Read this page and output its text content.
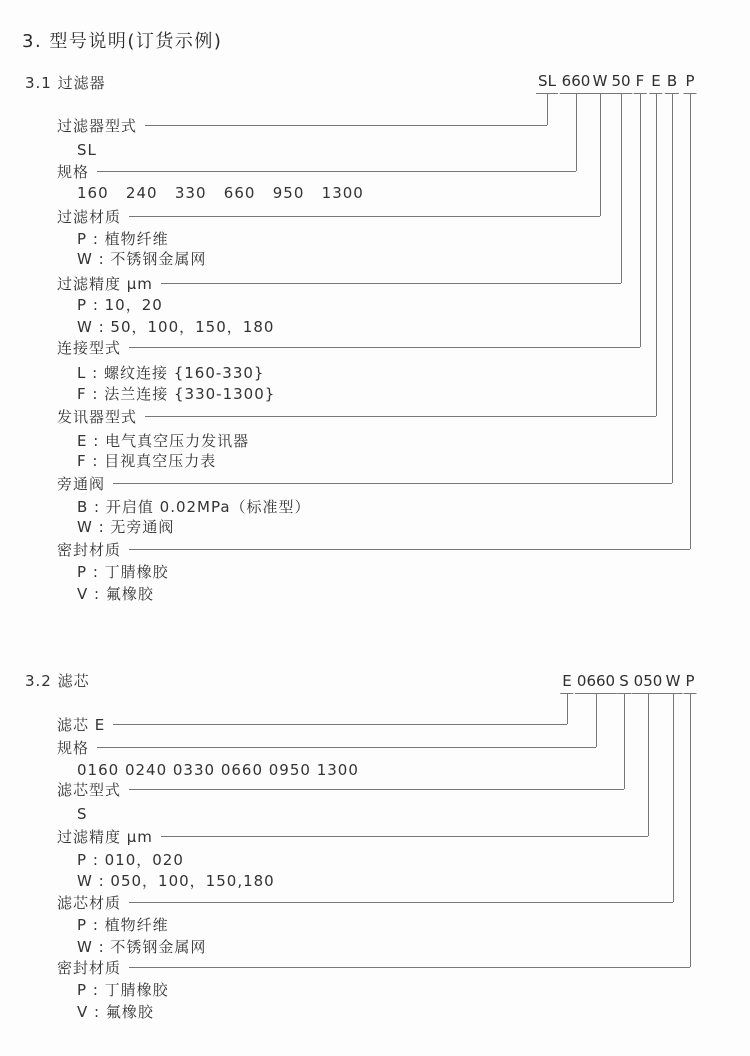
3. 型号说明(订货示例)
3.1 过滤器	SL 660 W 50 F E B P
过滤器型式
规格
过滤材质
过滤精度 μm
连接型式
发讯器型式
旁通阀
密封材质
SL
160   240   330   660   950   1300
P : 植物纤维
W : 不锈钢金属网
P : 10，20
W : 50，100，150，180
L : 螺纹连接 {160-330}
F : 法兰连接 {330-1300}
E : 电气真空压力发讯器
F : 目视真空压力表
B : 开启值 0.02MPa（标准型）
W : 无旁通阀
P : 丁腈橡胶
V : 氟橡胶
3.2 滤芯	E 0660 S 050 W P
滤芯 E
规格
滤芯型式
过滤精度 μm
滤芯材质
密封材质
0160 0240 0330 0660 0950 1300
S
P : 010，020
W : 050，100，150,180
P : 植物纤维
W : 不锈钢金属网
P : 丁腈橡胶
V : 氟橡胶
